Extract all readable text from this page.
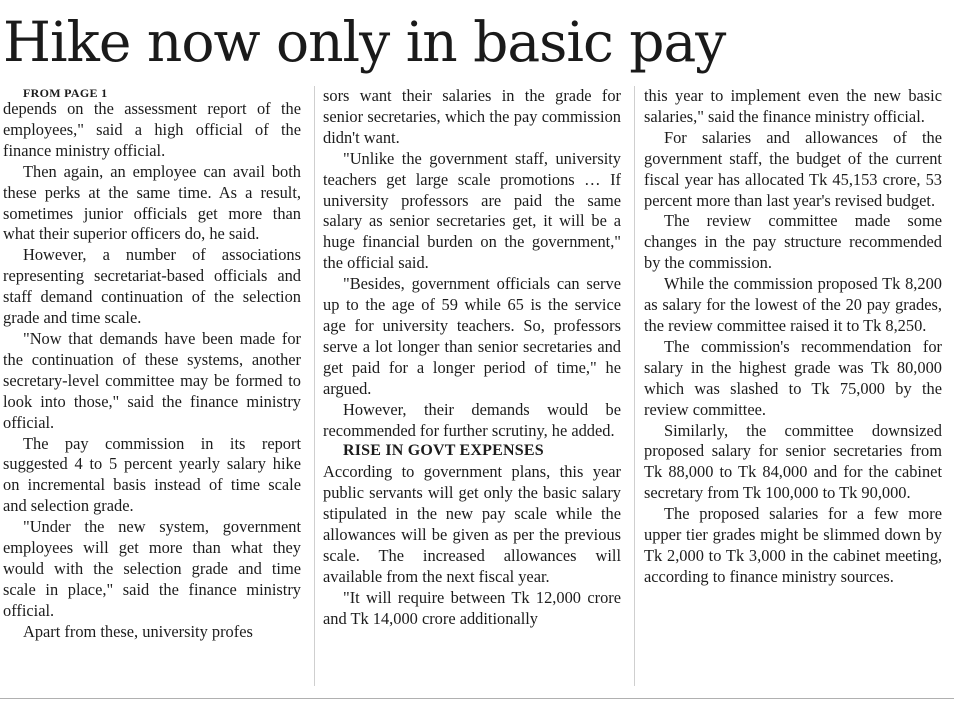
Hike now only in basic pay

FROM PAGE 1

depends on the assessment report of the employees," said a high official of the finance ministry official.

Then again, an employee can avail both these perks at the same time. As a result, sometimes junior officials get more than what their superior officers do, he said.

However, a number of associations representing secretariat-based officials and staff demand continuation of the selection grade and time scale.

"Now that demands have been made for the continuation of these systems, another secretary-level committee may be formed to look into those," said the finance ministry official.

The pay commission in its report suggested 4 to 5 percent yearly salary hike on incremental basis instead of time scale and selection grade.

"Under the new system, government employees will get more than what they would with the selection grade and time scale in place," said the finance ministry official.

Apart from these, university profes

sors want their salaries in the grade for senior secretaries, which the pay commission didn't want.

"Unlike the government staff, university teachers get large scale promotions … If university professors are paid the same salary as senior secretaries get, it will be a huge financial burden on the government," the official said.

"Besides, government officials can serve up to the age of 59 while 65 is the service age for university teachers. So, professors serve a lot longer than senior secretaries and get paid for a longer period of time," he argued.

However, their demands would be recommended for further scrutiny, he added.

RISE IN GOVT EXPENSES

According to government plans, this year public servants will get only the basic salary stipulated in the new pay scale while the allowances will be given as per the previous scale. The increased allowances will available from the next fiscal year.

"It will require between Tk 12,000 crore and Tk 14,000 crore additionally

this year to implement even the new basic salaries," said the finance ministry official.

For salaries and allowances of the government staff, the budget of the current fiscal year has allocated Tk 45,153 crore, 53 percent more than last year's revised budget.

The review committee made some changes in the pay structure recommended by the commission.

While the commission proposed Tk 8,200 as salary for the lowest of the 20 pay grades, the review committee raised it to Tk 8,250.

The commission's recommendation for salary in the highest grade was Tk 80,000 which was slashed to Tk 75,000 by the review committee.

Similarly, the committee downsized proposed salary for senior secretaries from Tk 88,000 to Tk 84,000 and for the cabinet secretary from Tk 100,000 to Tk 90,000.

The proposed salaries for a few more upper tier grades might be slimmed down by Tk 2,000 to Tk 3,000 in the cabinet meeting, according to finance ministry sources.
